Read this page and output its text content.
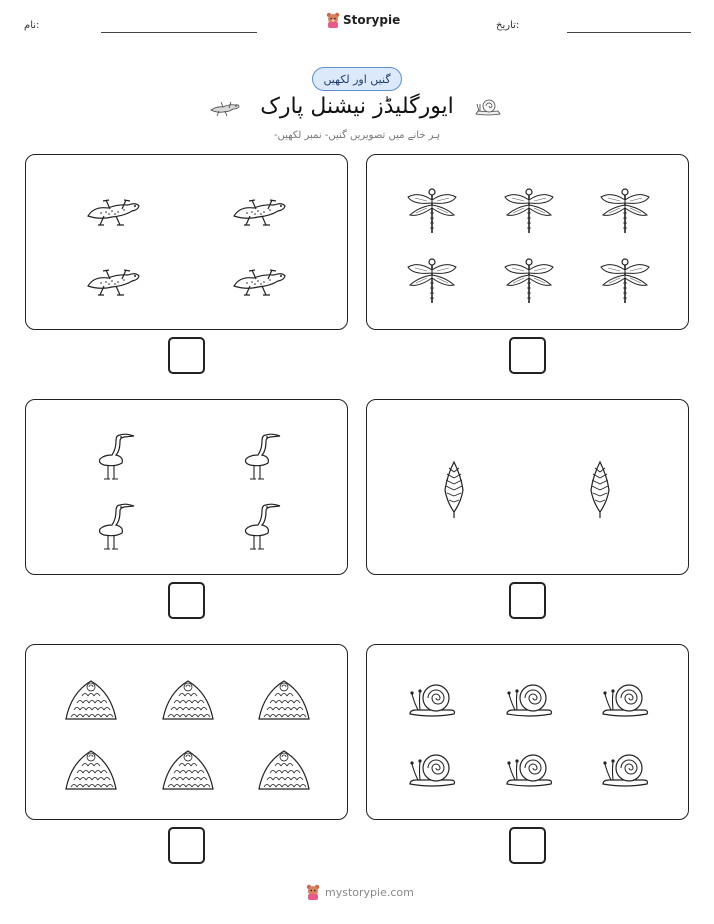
نام:	Storypie	تاریخ:
گنیں اور لکھیں
ایورگلیڈز نیشنل پارک
ہر خانے میں تصویریں گنیں- نمبر لکھیں-
mystorypie.com
